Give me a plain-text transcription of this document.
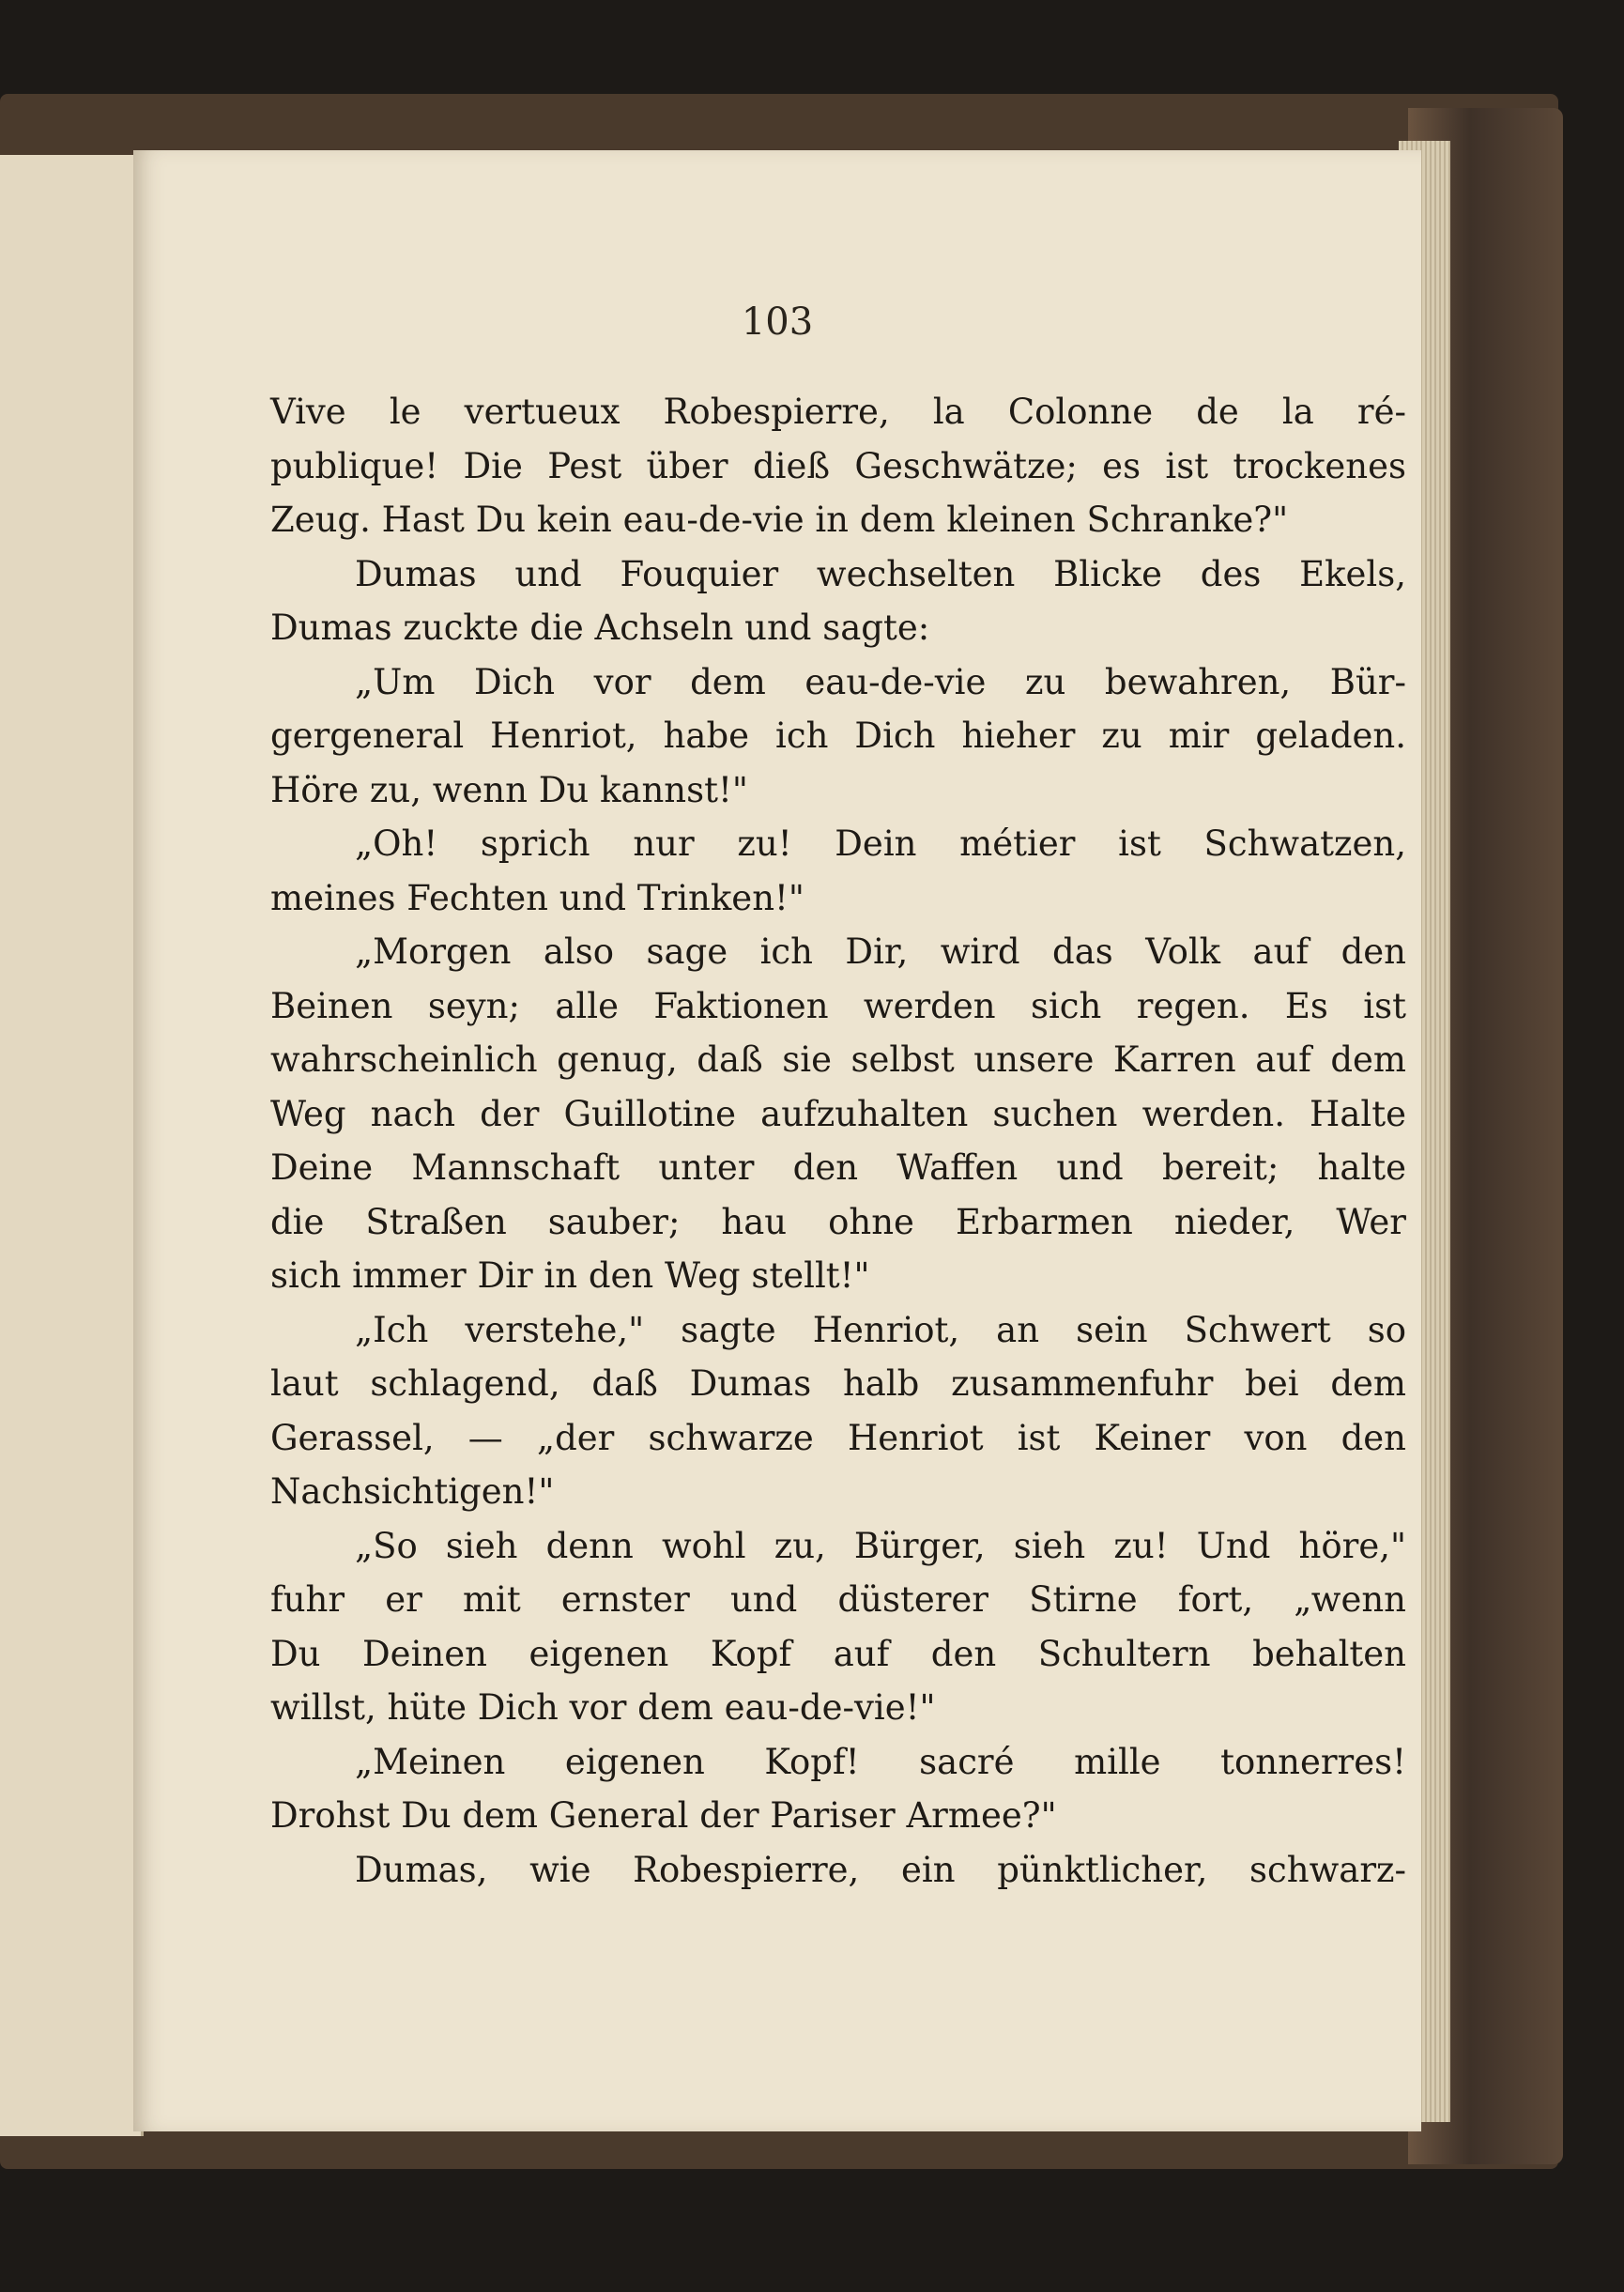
103
Vive le vertueux Robespierre, la Colonne de la ré-
publique! Die Pest über dieß Geschwätze; es ist trockenes
Zeug. Hast Du kein eau-de-vie in dem kleinen Schranke?"
Dumas und Fouquier wechselten Blicke des Ekels,
Dumas zuckte die Achseln und sagte:
„Um Dich vor dem eau-de-vie zu bewahren, Bür-
gergeneral Henriot, habe ich Dich hieher zu mir geladen.
Höre zu, wenn Du kannst!"
„Oh! sprich nur zu! Dein métier ist Schwatzen,
meines Fechten und Trinken!"
„Morgen also sage ich Dir, wird das Volk auf den
Beinen seyn; alle Faktionen werden sich regen. Es ist
wahrscheinlich genug, daß sie selbst unsere Karren auf dem
Weg nach der Guillotine aufzuhalten suchen werden. Halte
Deine Mannschaft unter den Waffen und bereit; halte
die Straßen sauber; hau ohne Erbarmen nieder, Wer
sich immer Dir in den Weg stellt!"
„Ich verstehe," sagte Henriot, an sein Schwert so
laut schlagend, daß Dumas halb zusammenfuhr bei dem
Gerassel, — „der schwarze Henriot ist Keiner von den
Nachsichtigen!"
„So sieh denn wohl zu, Bürger, sieh zu! Und höre,"
fuhr er mit ernster und düsterer Stirne fort, „wenn
Du Deinen eigenen Kopf auf den Schultern behalten
willst, hüte Dich vor dem eau-de-vie!"
„Meinen eigenen Kopf! sacré mille tonnerres!
Drohst Du dem General der Pariser Armee?"
Dumas, wie Robespierre, ein pünktlicher, schwarz-
